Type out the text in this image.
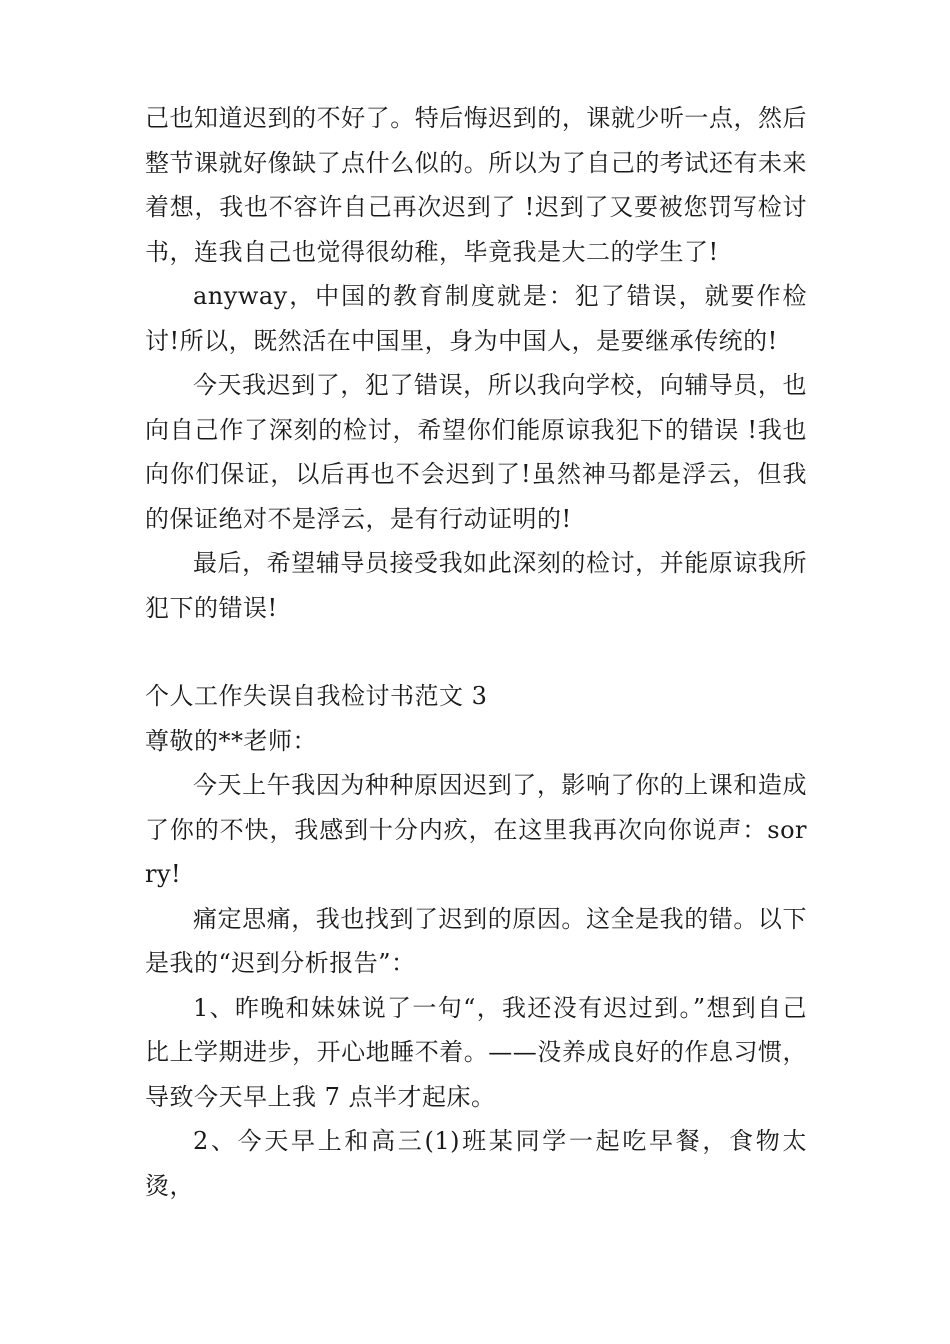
己也知道迟到的不好了。特后悔迟到的，课就少听一点，然后整节课就好像缺了点什么似的。所以为了自己的考试还有未来着想，我也不容许自己再次迟到了 !迟到了又要被您罚写检讨书，连我自己也觉得很幼稚，毕竟我是大二的学生了!

anyway，中国的教育制度就是：犯了错误，就要作检讨!所以，既然活在中国里，身为中国人，是要继承传统的!

今天我迟到了，犯了错误，所以我向学校，向辅导员，也向自己作了深刻的检讨，希望你们能原谅我犯下的错误 !我也向你们保证，以后再也不会迟到了!虽然神马都是浮云，但我的保证绝对不是浮云，是有行动证明的!

最后，希望辅导员接受我如此深刻的检讨，并能原谅我所犯下的错误!

个人工作失误自我检讨书范文 3

尊敬的**老师：

今天上午我因为种种原因迟到了，影响了你的上课和造成了你的不快，我感到十分内疚，在这里我再次向你说声：sorry!

痛定思痛，我也找到了迟到的原因。这全是我的错。以下是我的“迟到分析报告”：

1、昨晚和妹妹说了一句“，我还没有迟过到。”想到自己比上学期进步，开心地睡不着。——没养成良好的作息习惯，导致今天早上我 7 点半才起床。

2、今天早上和高三(1)班某同学一起吃早餐，食物太烫，
